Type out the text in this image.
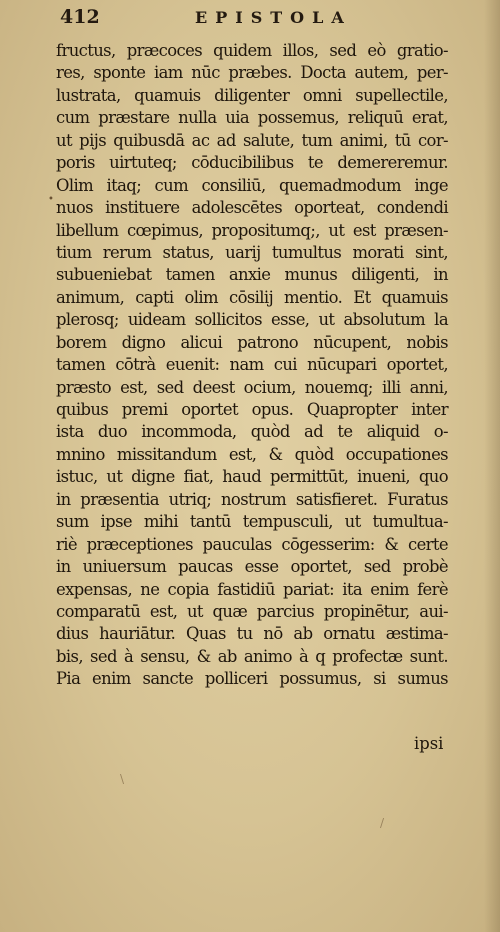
412	EPISTOLA
•
fructus, præcoces quidem illos, sed eò gratio-
res, sponte iam nūc præbes. Docta autem, per-
lustrata, quamuis diligenter omni supellectile,
cum præstare nulla uia possemus, reliquū erat,
ut pijs quibusdā ac ad salute, tum animi, tū cor-
poris uirtuteq; cōducibilibus te demereremur.
Olim itaq; cum consiliū, quemadmodum inge
nuos instituere adolescētes oporteat, condendi
libellum cœpimus, propositumq;, ut est præsen-
tium rerum status, uarij tumultus morati sint,
subueniebat tamen anxie munus diligenti, in
animum, capti olim cōsilij mentio. Et quamuis
plerosq; uideam sollicitos esse, ut absolutum la
borem digno alicui patrono nūcupent, nobis
tamen cōtrà euenit: nam cui nūcupari oportet,
præsto est, sed deest ocium, nouemq; illi anni,
quibus premi oportet opus. Quapropter inter
ista duo incommoda, quòd ad te aliquid o-
mnino missitandum est, & quòd occupationes
istuc, ut digne fiat, haud permittūt, inueni, quo
in præsentia utriq; nostrum satisfieret. Furatus
sum ipse mihi tantū tempusculi, ut tumultua-
riè præceptiones pauculas cōgesserim: & certe
in uniuersum paucas esse oportet, sed probè
expensas, ne copia fastidiū pariat: ita enim ferè
comparatū est, ut quæ parcius propinētur, aui-
dius hauriātur. Quas tu nō ab ornatu æstima-
bis, sed à sensu, & ab animo à q profectæ sunt.
Pia enim sancte polliceri possumus, si sumus
ipsi
\
/
